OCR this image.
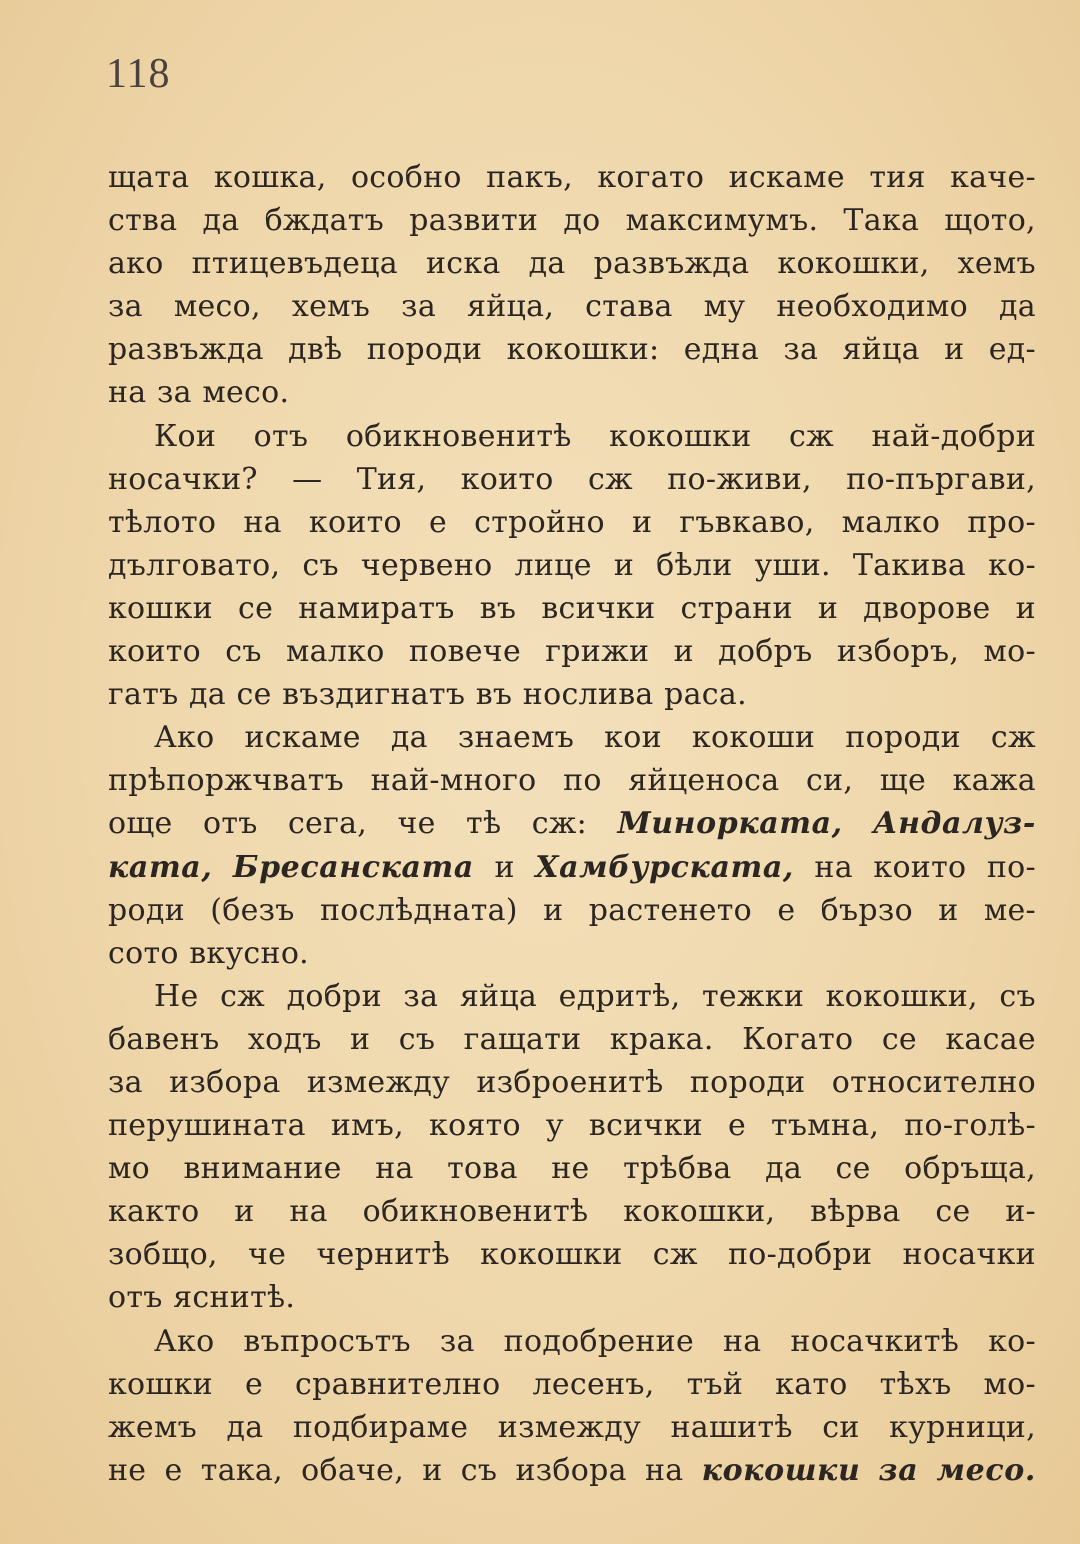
118
щата кошка, особно пакъ, когато искаме тия каче-
ства да бждатъ развити до максимумъ. Така щото,
ако птицевъдеца иска да развъжда кокошки, хемъ
за месо, хемъ за яйца, става му необходимо да
развъжда двѣ породи кокошки: една за яйца и ед-
на за месо.
Кои отъ обикновенитѣ кокошки сж най-добри
носачки? — Тия, които сж по-живи, по-пъргави,
тѣлото на които е стройно и гъвкаво, малко про-
дълговато, съ червено лице и бѣли уши. Такива ко-
кошки се намиратъ въ всички страни и дворове и
които съ малко повече грижи и добръ изборъ, мо-
гатъ да се въздигнатъ въ нослива раса.
Ако искаме да знаемъ кои кокоши породи сж
прѣпоржчватъ най-много по яйценоса си, ще кажа
още отъ сега, че тѣ сж: Минорката, Андалуз-
ката, Бресанската и Хамбурската, на които по-
роди (безъ послѣдната) и растенето е бързо и ме-
сото вкусно.
Не сж добри за яйца едритѣ, тежки кокошки, съ
бавенъ ходъ и съ гащати крака. Когато се касае
за избора измежду изброенитѣ породи относително
перушината имъ, която у всички е тъмна, по-голѣ-
мо внимание на това не трѣбва да се обръща,
както и на обикновенитѣ кокошки, вѣрва се и-
зобщо, че чернитѣ кокошки сж по-добри носачки
отъ яснитѣ.
Ако въпросътъ за подобрение на носачкитѣ ко-
кошки е сравнително лесенъ, тъй като тѣхъ мо-
жемъ да подбираме измежду нашитѣ си курници,
не е така, обаче, и съ избора на кокошки за месо.
